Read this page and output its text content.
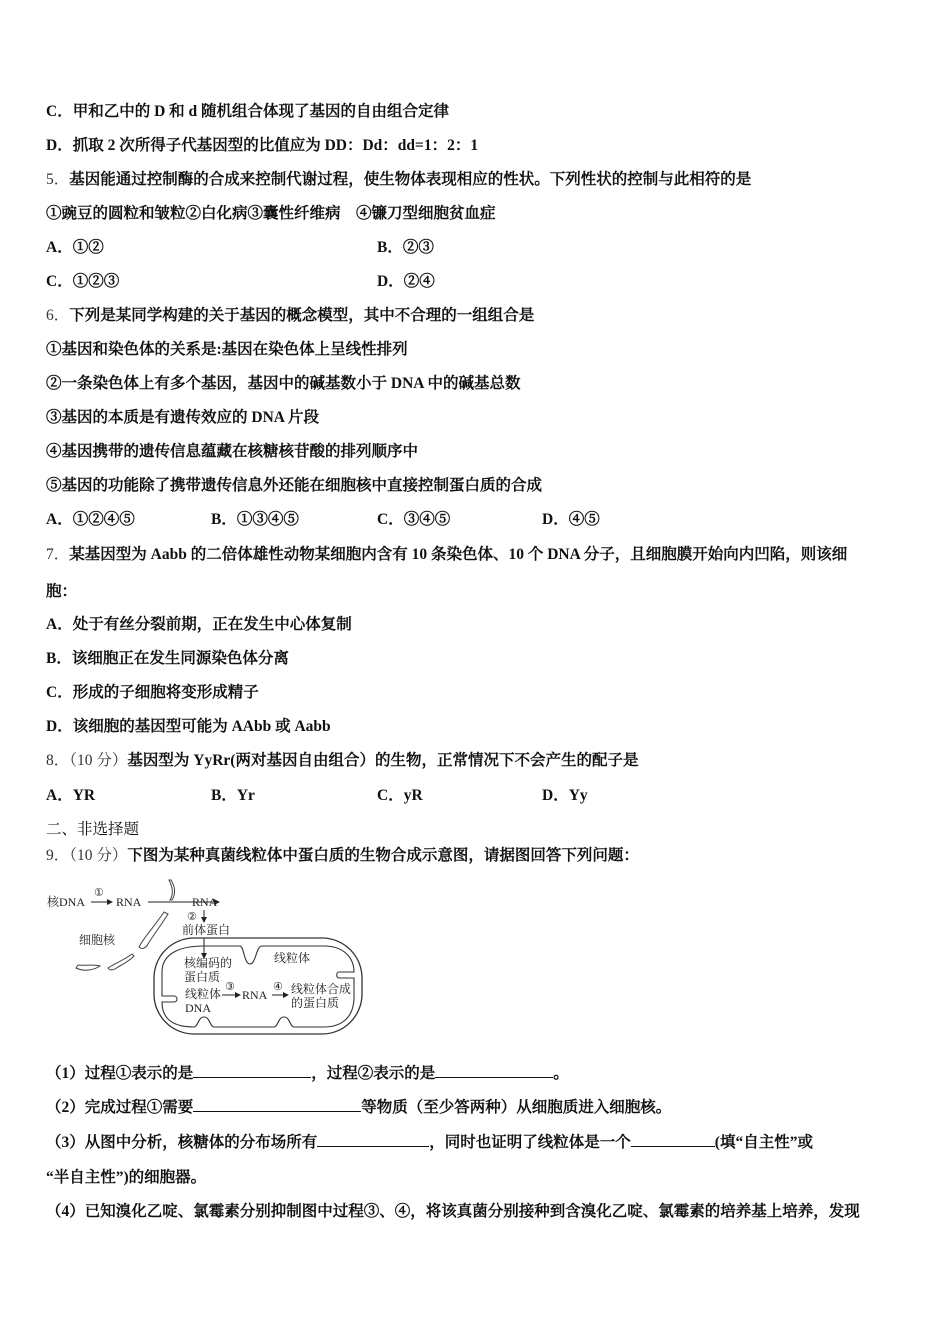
C．甲和乙中的 D 和 d 随机组合体现了基因的自由组合定律
D．抓取 2 次所得子代基因型的比值应为 DD：Dd：dd=1：2：1
5．基因能通过控制酶的合成来控制代谢过程，使生物体表现相应的性状。下列性状的控制与此相符的是
①豌豆的圆粒和皱粒②白化病③囊性纤维病　④镰刀型细胞贫血症
A．①②	B．②③
C．①②③	D．②④
6．下列是某同学构建的关于基因的概念模型，其中不合理的一组组合是
①基因和染色体的关系是:基因在染色体上呈线性排列
②一条染色体上有多个基因，基因中的碱基数小于 DNA 中的碱基总数
③基因的本质是有遗传效应的 DNA 片段
④基因携带的遗传信息蕴藏在核糖核苷酸的排列顺序中
⑤基因的功能除了携带遗传信息外还能在细胞核中直接控制蛋白质的合成
A．①②④⑤	B．①③④⑤	C．③④⑤	D．④⑤
7．某基因型为 Aabb 的二倍体雄性动物某细胞内含有 10 条染色体、10 个 DNA 分子，且细胞膜开始向内凹陷，则该细
胞：
A．处于有丝分裂前期，正在发生中心体复制
B．该细胞正在发生同源染色体分离
C．形成的子细胞将变形成精子
D．该细胞的基因型可能为 AAbb 或 Aabb
8．（10 分）基因型为 YyRr(两对基因自由组合）的生物，正常情况下不会产生的配子是
A．YR	B．Yr	C．yR	D．Yy
二、非选择题
9．（10 分）下图为某种真菌线粒体中蛋白质的生物合成示意图，请据图回答下列问题：
核DNA
①
RNA	RNA
②
细胞核
前体蛋白
线粒体
核编码的
蛋白质
线粒体
DNA
③
RNA
④ 线粒体合成
的蛋白质
（1）过程①表示的是	，过程②表示的是	。
（2）完成过程①需要	等物质（至少答两种）从细胞质进入细胞核。
（3）从图中分析，核糖体的分布场所有	，同时也证明了线粒体是一个	(填“自主性”或
“半自主性”)的细胞器。
（4）已知溴化乙啶、氯霉素分别抑制图中过程③、④，将该真菌分别接种到含溴化乙啶、氯霉素的培养基上培养，发现
